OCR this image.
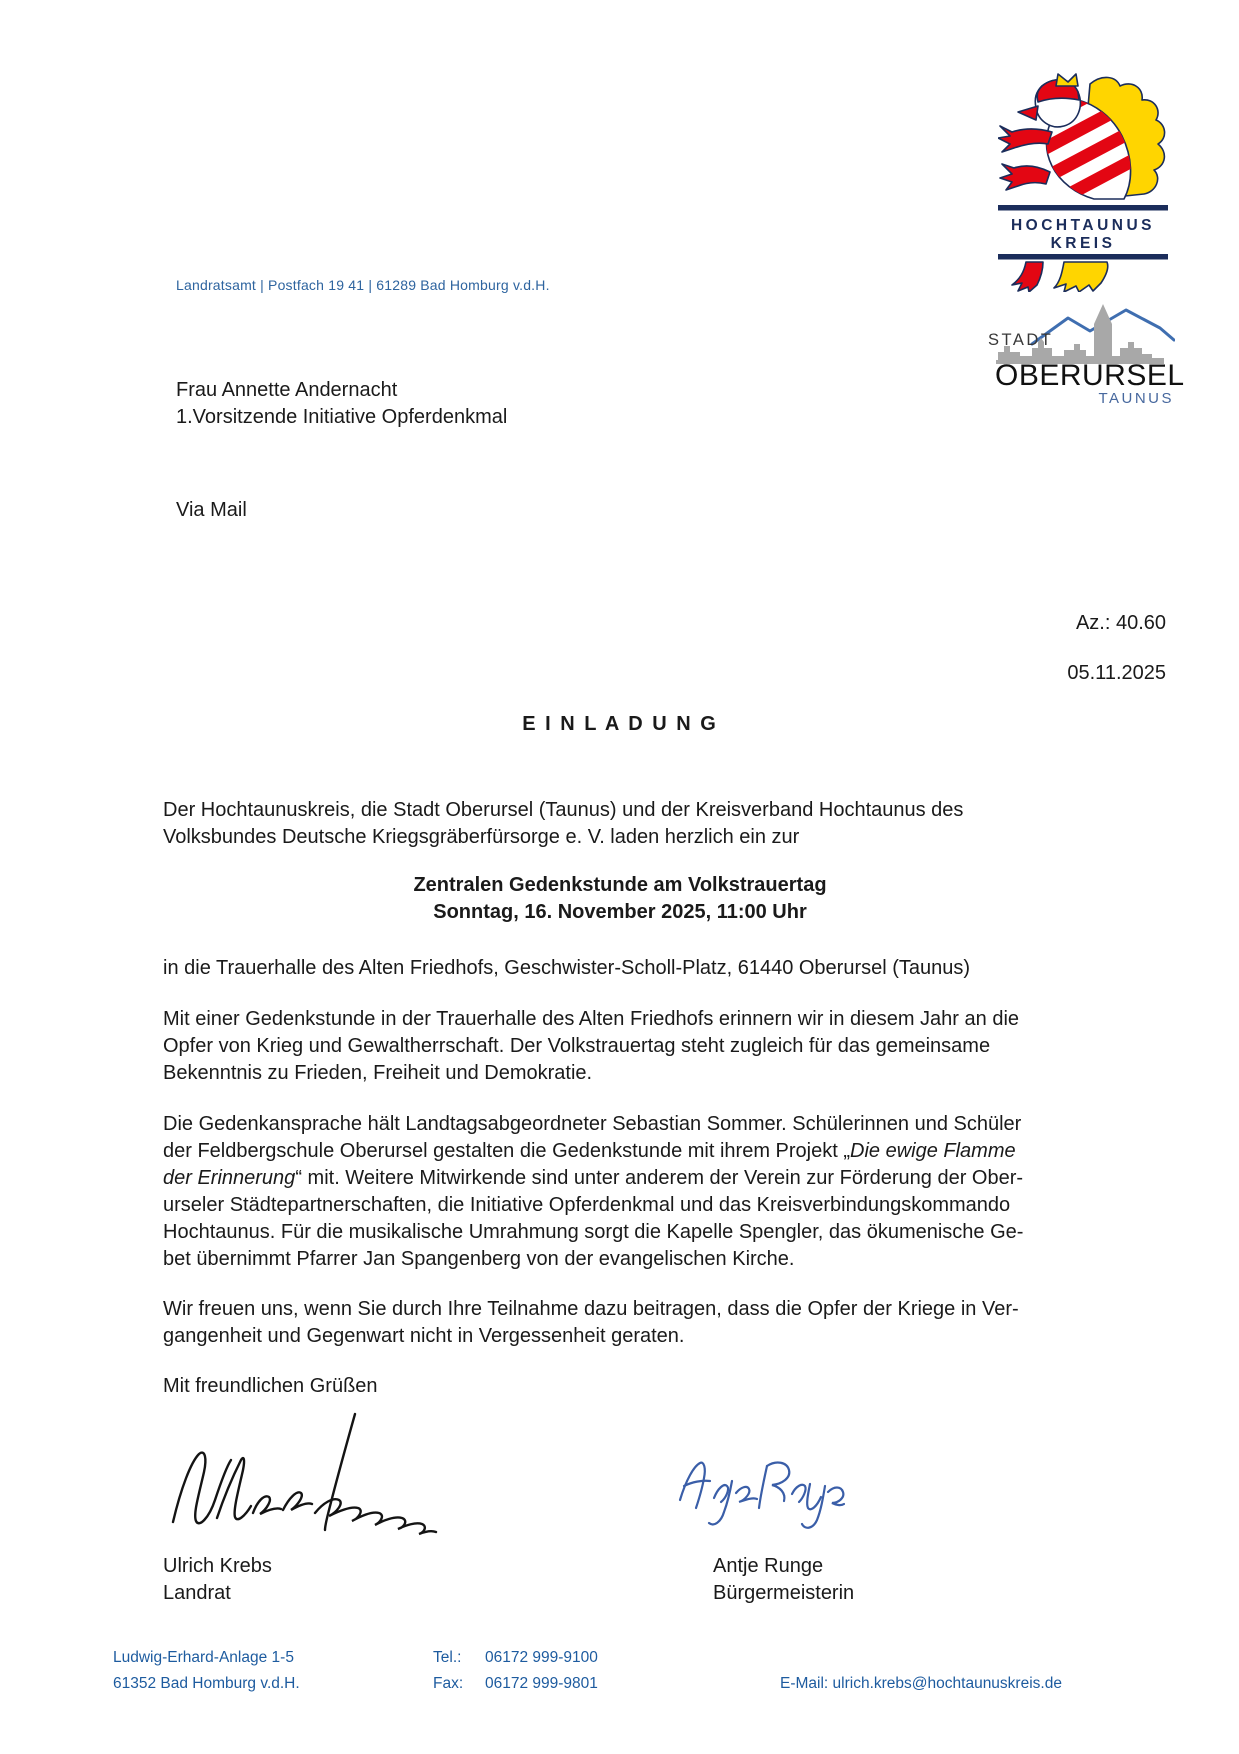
HOCHTAUNUS
KREIS
STADT
OBERURSEL
TAUNUS
Landratsamt | Postfach 19 41 | 61289 Bad Homburg v.d.H.
Frau Annette Andernacht
1.Vorsitzende Initiative Opferdenkmal
Via Mail
Az.: 40.60
05.11.2025
E I N L A D U N G
Der Hochtaunuskreis, die Stadt Oberursel (Taunus) und der Kreisverband Hochtaunus des
Volksbundes Deutsche Kriegsgräberfürsorge e. V. laden herzlich ein zur
Zentralen Gedenkstunde am Volkstrauertag
Sonntag, 16. November 2025, 11:00 Uhr
in die Trauerhalle des Alten Friedhofs, Geschwister-Scholl-Platz, 61440 Oberursel (Taunus)
Mit einer Gedenkstunde in der Trauerhalle des Alten Friedhofs erinnern wir in diesem Jahr an die
Opfer von Krieg und Gewaltherrschaft. Der Volkstrauertag steht zugleich für das gemeinsame
Bekenntnis zu Frieden, Freiheit und Demokratie.
Die Gedenkansprache hält Landtagsabgeordneter Sebastian Sommer. Schülerinnen und Schüler
der Feldbergschule Oberursel gestalten die Gedenkstunde mit ihrem Projekt „Die ewige Flamme
der Erinnerung“ mit. Weitere Mitwirkende sind unter anderem der Verein zur Förderung der Ober-
urseler Städtepartnerschaften, die Initiative Opferdenkmal und das Kreisverbindungskommando
Hochtaunus. Für die musikalische Umrahmung sorgt die Kapelle Spengler, das ökumenische Ge-
bet übernimmt Pfarrer Jan Spangenberg von der evangelischen Kirche.
Wir freuen uns, wenn Sie durch Ihre Teilnahme dazu beitragen, dass die Opfer der Kriege in Ver-
gangenheit und Gegenwart nicht in Vergessenheit geraten.
Mit freundlichen Grüßen
Ulrich Krebs
Landrat
Antje Runge
Bürgermeisterin
Ludwig-Erhard-Anlage 1-5
61352 Bad Homburg v.d.H.
Tel.:	06172 999-9100
Fax:	06172 999-9801	E-Mail: ulrich.krebs@hochtaunuskreis.de
